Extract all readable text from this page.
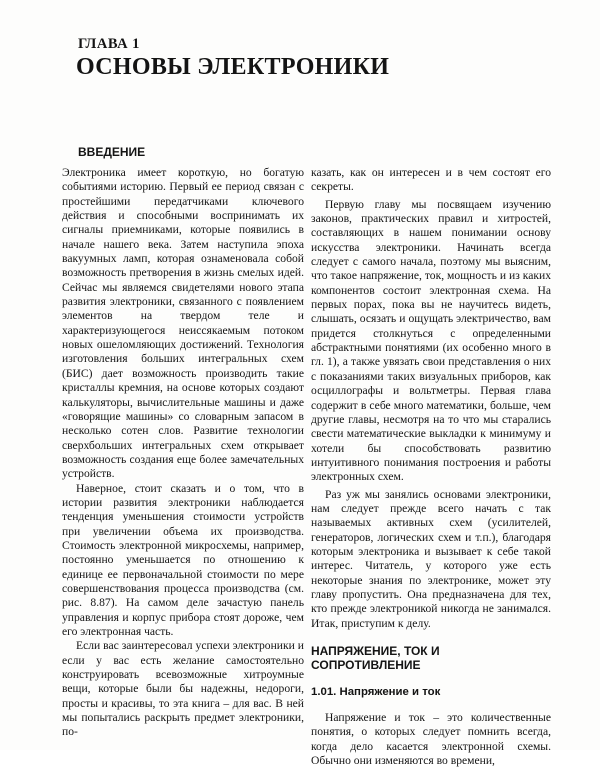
ГЛАВА 1
ОСНОВЫ ЭЛЕКТРОНИКИ
ВВЕДЕНИЕ

Электроника имеет короткую, но богатую событиями историю. Первый ее период связан с простейшими передатчиками ключевого действия и способными воспринимать их сигналы приемниками, которые появились в начале нашего века. Затем наступила эпоха вакуумных ламп, которая ознаменовала собой возможность претворения в жизнь смелых идей. Сейчас мы являемся свидетелями нового этапа развития электроники, связанного с появлением элементов на твердом теле и характеризующегося неиссякаемым потоком новых ошеломляющих достижений. Технология изготовления больших интегральных схем (БИС) дает возможность производить такие кристаллы кремния, на основе которых создают калькуляторы, вычислительные машины и даже «говорящие машины» со словарным запасом в несколько сотен слов. Развитие технологии сверхбольших интегральных схем открывает возможность создания еще более замечательных устройств.

Наверное, стоит сказать и о том, что в истории развития электроники наблюдается тенденция уменьшения стоимости устройств при увеличении объема их производства. Стоимость электронной микросхемы, например, постоянно уменьшается по отношению к единице ее первоначальной стоимости по мере совершенствования процесса производства (см. рис. 8.87). На самом деле зачастую панель управления и корпус прибора стоят дороже, чем его электронная часть.

Если вас заинтересовал успехи электроники и если у вас есть желание самостоятельно конструировать всевозможные хитроумные вещи, которые были бы надежны, недороги, просты и красивы, то эта книга – для вас. В ней мы попытались раскрыть предмет электроники, по-

казать, как он интересен и в чем состоят его секреты.

Первую главу мы посвящаем изучению законов, практических правил и хитростей, составляющих в нашем понимании основу искусства электроники. Начинать всегда следует с самого начала, поэтому мы выясним, что такое напряжение, ток, мощность и из каких компонентов состоит электронная схема. На первых порах, пока вы не научитесь видеть, слышать, осязать и ощущать электричество, вам придется столкнуться с определенными абстрактными понятиями (их особенно много в гл. 1), а также увязать свои представления о них с показаниями таких визуальных приборов, как осциллографы и вольтметры. Первая глава содержит в себе много математики, больше, чем другие главы, несмотря на то что мы старались свести математические выкладки к минимуму и хотели бы способствовать развитию интуитивного понимания построения и работы электронных схем.

Раз уж мы занялись основами электроники, нам следует прежде всего начать с так называемых активных схем (усилителей, генераторов, логических схем и т.п.), благодаря которым электроника и вызывает к себе такой интерес. Читатель, у которого уже есть некоторые знания по электронике, может эту главу пропустить. Она предназначена для тех, кто прежде электроникой никогда не занимался. Итак, приступим к делу.

НАПРЯЖЕНИЕ, ТОК И СОПРОТИВЛЕНИЕ
1.01. Напряжение и ток

Напряжение и ток – это количественные понятия, о которых следует помнить всегда, когда дело касается электронной схемы. Обычно они изменяются во времени,
